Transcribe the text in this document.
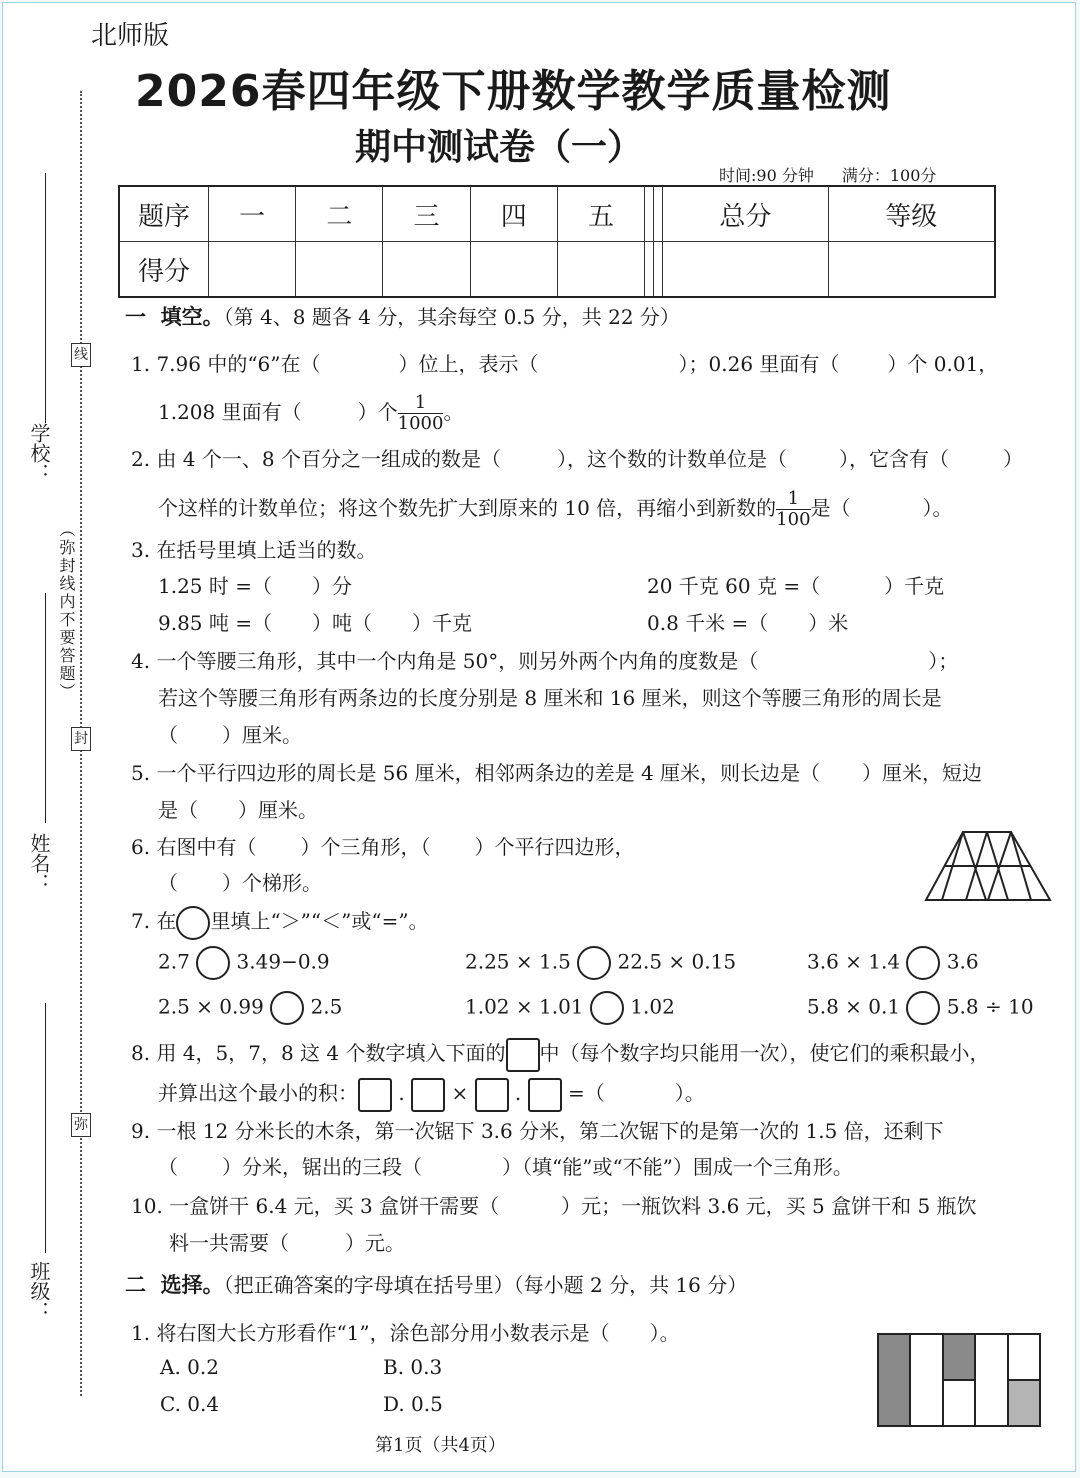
线
封
弥
学校：
姓名：
班级：
（弥封线内不要答题）
北师版
2026春四年级下册数学教学质量检测
期中测试卷（一）
时间:90 分钟 满分：100分
题序	一	二	三	四	五			总分	等级
得分									
一 填空。（第 4、8 题各 4 分，其余每空 0.5 分，共 22 分）
1. 7.96 中的“6”在（	）位上，表示（	）；0.26 里面有（ ）个 0.01，
1.208 里面有（	）个 $\frac{1}{1000}$ 。
2. 由 4 个一、8 个百分之一组成的数是（	），这个数的计数单位是（	），它含有（	）
个这样的计数单位；将这个数先扩大到原来的 10 倍，再缩小到新数的 $\frac{1}{100}$ 是（	）。
3. 在括号里填上适当的数。
1.25 时 =（ ）分	20 千克 60 克 =（	）千克
9.85 吨 =（ ）吨（ ）千克	0.8 千米 =（ ）米
4. 一个等腰三角形，其中一个内角是 50°，则另外两个内角的度数是（	）；
若这个等腰三角形有两条边的长度分别是 8 厘米和 16 厘米，则这个等腰三角形的周长是
（ ）厘米。
5. 一个平行四边形的周长是 56 厘米，相邻两条边的差是 4 厘米，则长边是（ ）厘米，短边
是（ ）厘米。
6. 右图中有（ ）个三角形，（ ）个平行四边形，
（ ）个梯形。
7. 在 里填上“＞”“＜”或“=”。
2.7 3.49−0.9	2.25 × 1.5 22.5 × 0.15	3.6 × 1.4 3.6
2.5 × 0.99 2.5	1.02 × 1.01 1.02	5.8 × 0.1 5.8 ÷ 10
8. 用 4，5，7，8 这 4 个数字填入下面的 中（每个数字均只能用一次），使它们的乘积最小，
并算出这个最小的积： . × . =（	）。
9. 一根 12 分米长的木条，第一次锯下 3.6 分米，第二次锯下的是第一次的 1.5 倍，还剩下
（ ）分米，锯出的三段（	）（填“能”或“不能”）围成一个三角形。
10. 一盒饼干 6.4 元，买 3 盒饼干需要（	）元；一瓶饮料 3.6 元，买 5 盒饼干和 5 瓶饮
料一共需要（	）元。
二 选择。（把正确答案的字母填在括号里）（每小题 2 分，共 16 分）
1. 将右图大长方形看作“1”，涂色部分用小数表示是（ ）。
A. 0.2	B. 0.3
C. 0.4	D. 0.5
第1页（共4页）
